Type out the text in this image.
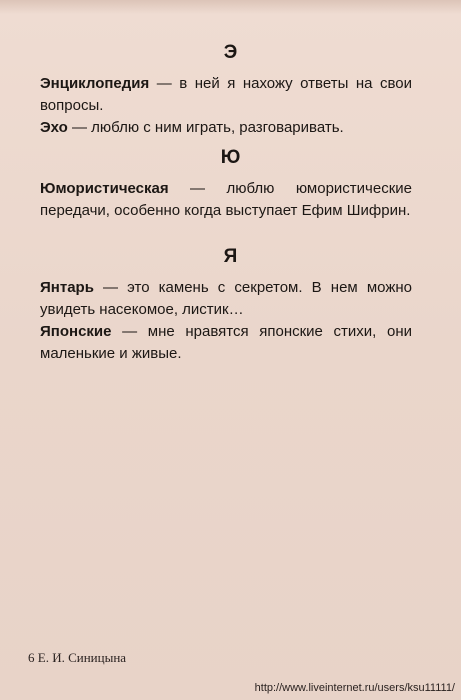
Э
Энциклопедия — в ней я нахожу ответы на свои вопросы.
Эхо — люблю с ним играть, разговаривать.
Ю
Юмористическая — люблю юмористические передачи, особенно когда выступает Ефим Шифрин.
Я
Янтарь — это камень с секретом. В нем можно увидеть насекомое, листик…
Японские — мне нравятся японские стихи, они маленькие и живые.
6 Е. И. Синицына
http://www.liveinternet.ru/users/ksu11111/
